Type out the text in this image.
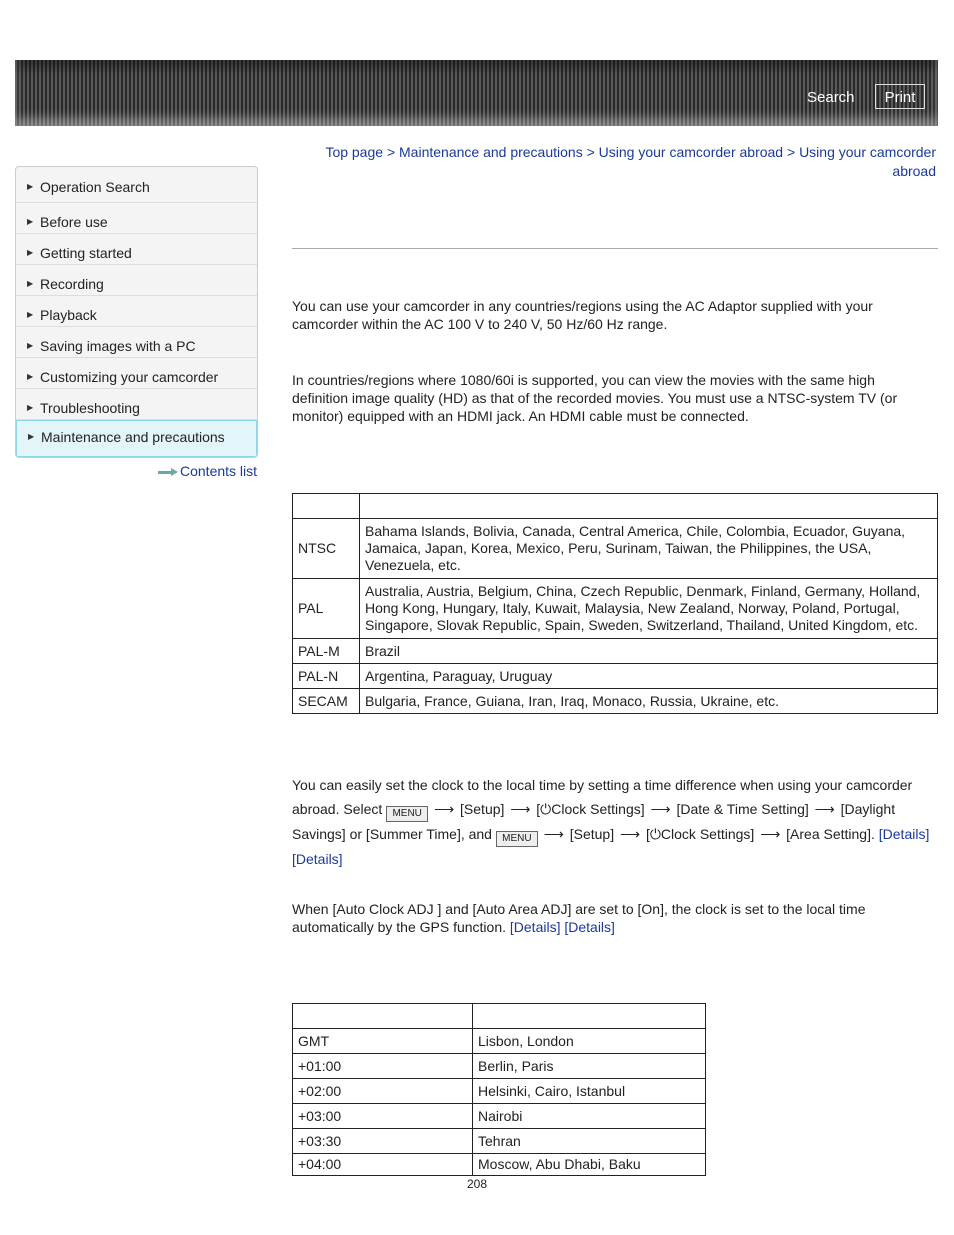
Search	Print
▶ Operation Search
▶ Before use
▶ Getting started
▶ Recording
▶ Playback
▶ Saving images with a PC
▶ Customizing your camcorder
▶ Troubleshooting
▶ Maintenance and precautions
Contents list
Top page > Maintenance and precautions > Using your camcorder abroad > Using your camcorder abroad
You can use your camcorder in any countries/regions using the AC Adaptor supplied with your camcorder within the AC 100 V to 240 V, 50 Hz/60 Hz range.
In countries/regions where 1080/60i is supported, you can view the movies with the same high definition image quality (HD) as that of the recorded movies. You must use a NTSC-system TV (or monitor) equipped with an HDMI jack. An HDMI cable must be connected.

NTSC	Bahama Islands, Bolivia, Canada, Central America, Chile, Colombia, Ecuador, Guyana, Jamaica, Japan, Korea, Mexico, Peru, Surinam, Taiwan, the Philippines, the USA, Venezuela, etc.
PAL	Australia, Austria, Belgium, China, Czech Republic, Denmark, Finland, Germany, Holland, Hong Kong, Hungary, Italy, Kuwait, Malaysia, New Zealand, Norway, Poland, Portugal, Singapore, Slovak Republic, Spain, Sweden, Switzerland, Thailand, United Kingdom, etc.
PAL-M	Brazil
PAL-N	Argentina, Paraguay, Uruguay
SECAM	Bulgaria, France, Guiana, Iran, Iraq, Monaco, Russia, Ukraine, etc.
You can easily set the clock to the local time by setting a time difference when using your camcorder abroad. Select MENU ⟶ [Setup] ⟶ [⏻Clock Settings] ⟶ [Date & Time Setting] ⟶ [Daylight Savings] or [Summer Time], and MENU ⟶ [Setup] ⟶ [⏻Clock Settings] ⟶ [Area Setting]. [Details] [Details]
When [Auto Clock ADJ ] and [Auto Area ADJ] are set to [On], the clock is set to the local time automatically by the GPS function. [Details] [Details]

GMT	Lisbon, London
+01:00	Berlin, Paris
+02:00	Helsinki, Cairo, Istanbul
+03:00	Nairobi
+03:30	Tehran
+04:00	Moscow, Abu Dhabi, Baku
208
